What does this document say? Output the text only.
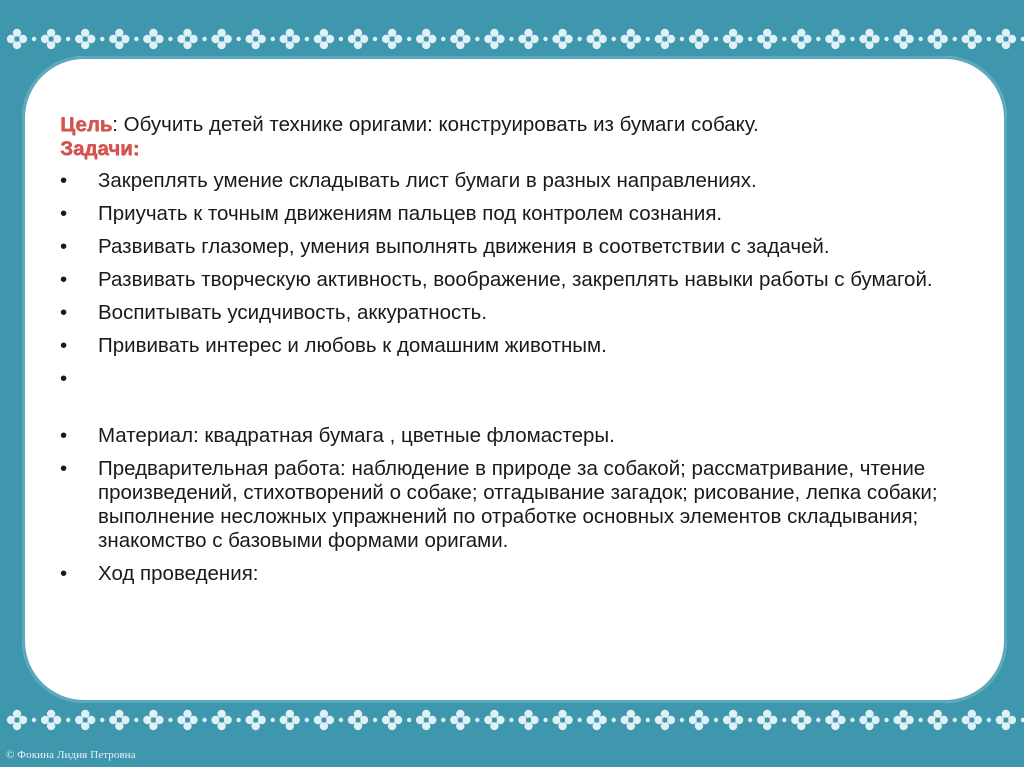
Цель: Обучить детей технике оригами: конструировать из бумаги собаку.

Задачи:

• Закреплять умение складывать лист бумаги в разных направлениях.
• Приучать к точным движениям пальцев под контролем сознания.
• Развивать глазомер, умения выполнять движения в соответствии с задачей.
• Развивать творческую активность, воображение, закреплять навыки работы с бумагой.
• Воспитывать усидчивость, аккуратность.
• Прививать интерес и любовь к домашним животным.
•
• Материал: квадратная бумага , цветные фломастеры.
• Предварительная работа: наблюдение в природе за собакой; рассматривание, чтение произведений, стихотворений о собаке; отгадывание загадок; рисование, лепка собаки; выполнение несложных упражнений по отработке основных элементов складывания; знакомство с базовыми формами оригами.
• Ход проведения:
© Фокина Лидия Петровна
